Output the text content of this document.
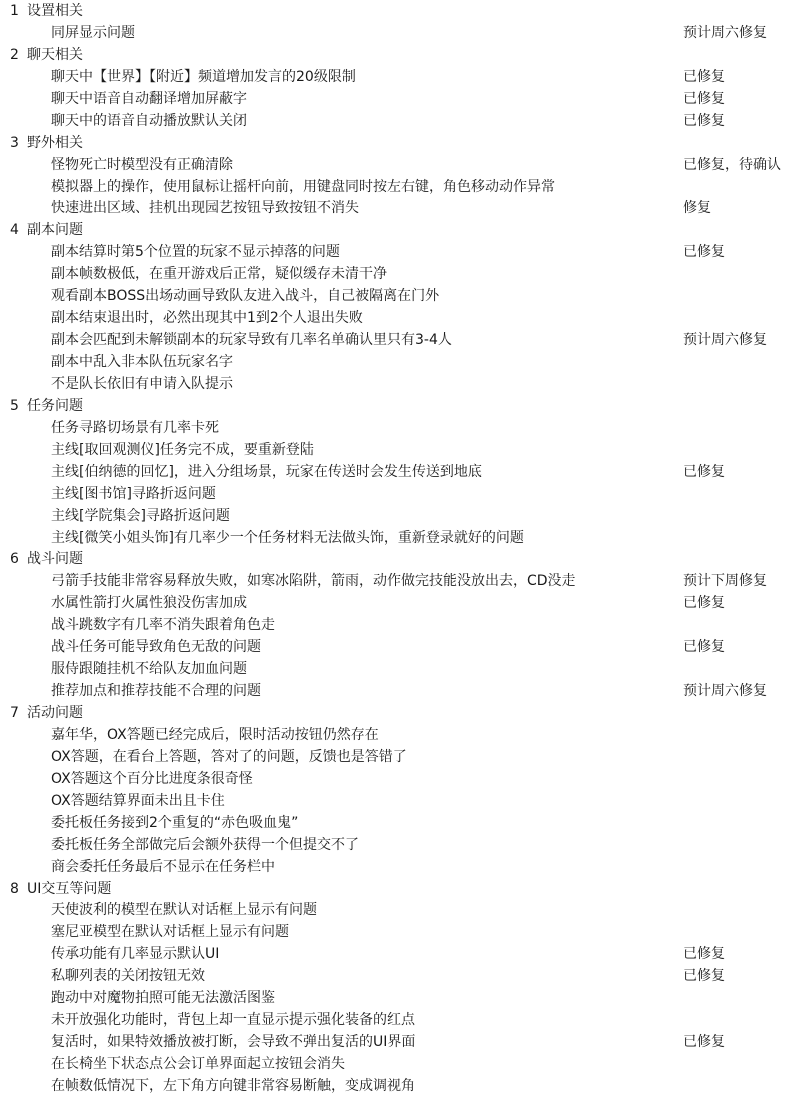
1 设置相关
同屏显示问题	预计周六修复
2 聊天相关
聊天中【世界】【附近】频道增加发言的20级限制	已修复
聊天中语音自动翻译增加屏蔽字	已修复
聊天中的语音自动播放默认关闭	已修复
3 野外相关
怪物死亡时模型没有正确清除	已修复，待确认
模拟器上的操作，使用鼠标让摇杆向前，用键盘同时按左右键，角色移动动作异常
快速进出区域、挂机出现园艺按钮导致按钮不消失	修复
4 副本问题
副本结算时第5个位置的玩家不显示掉落的问题	已修复
副本帧数极低，在重开游戏后正常，疑似缓存未清干净
观看副本BOSS出场动画导致队友进入战斗，自己被隔离在门外
副本结束退出时，必然出现其中1到2个人退出失败
副本会匹配到未解锁副本的玩家导致有几率名单确认里只有3-4人	预计周六修复
副本中乱入非本队伍玩家名字
不是队长依旧有申请入队提示
5 任务问题
任务寻路切场景有几率卡死
主线[取回观测仪]任务完不成，要重新登陆
主线[伯纳德的回忆]，进入分组场景，玩家在传送时会发生传送到地底	已修复
主线[图书馆]寻路折返问题
主线[学院集会]寻路折返问题
主线[微笑小姐头饰]有几率少一个任务材料无法做头饰，重新登录就好的问题
6 战斗问题
弓箭手技能非常容易释放失败，如寒冰陷阱，箭雨，动作做完技能没放出去，CD没走	预计下周修复
水属性箭打火属性狼没伤害加成	已修复
战斗跳数字有几率不消失跟着角色走
战斗任务可能导致角色无敌的问题	已修复
服侍跟随挂机不给队友加血问题
推荐加点和推荐技能不合理的问题	预计周六修复
7 活动问题
嘉年华，OX答题已经完成后，限时活动按钮仍然存在
OX答题，在看台上答题，答对了的问题，反馈也是答错了
OX答题这个百分比进度条很奇怪
OX答题结算界面未出且卡住
委托板任务接到2个重复的“赤色吸血鬼”
委托板任务全部做完后会额外获得一个但提交不了
商会委托任务最后不显示在任务栏中
8 UI交互等问题
天使波利的模型在默认对话框上显示有问题
塞尼亚模型在默认对话框上显示有问题
传承功能有几率显示默认UI	已修复
私聊列表的关闭按钮无效	已修复
跑动中对魔物拍照可能无法激活图鉴
未开放强化功能时，背包上却一直显示提示强化装备的红点
复活时，如果特效播放被打断，会导致不弹出复活的UI界面	已修复
在长椅坐下状态点公会订单界面起立按钮会消失
在帧数低情况下，左下角方向键非常容易断触，变成调视角
